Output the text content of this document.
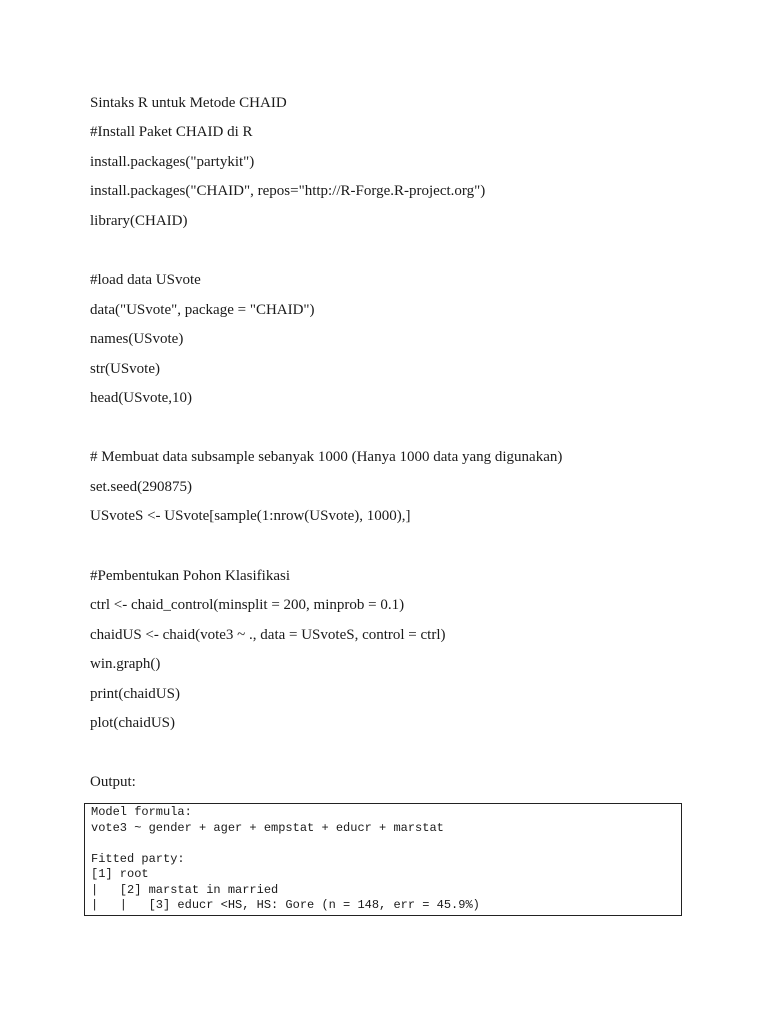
Sintaks R untuk Metode CHAID
#Install Paket CHAID di R
install.packages("partykit")
install.packages("CHAID", repos="http://R-Forge.R-project.org")
library(CHAID)
#load data USvote
data("USvote", package = "CHAID")
names(USvote)
str(USvote)
head(USvote,10)
# Membuat data subsample sebanyak 1000 (Hanya 1000 data yang digunakan)
set.seed(290875)
USvoteS <- USvote[sample(1:nrow(USvote), 1000),]
#Pembentukan Pohon Klasifikasi
ctrl <- chaid_control(minsplit = 200, minprob = 0.1)
chaidUS <- chaid(vote3 ~ ., data = USvoteS, control = ctrl)
win.graph()
print(chaidUS)
plot(chaidUS)
Output:
Model formula:
vote3 ~ gender + ager + empstat + educr + marstat

Fitted party:
[1] root
|   [2] marstat in married
|   |   [3] educr <HS, HS: Gore (n = 148, err = 45.9%)
